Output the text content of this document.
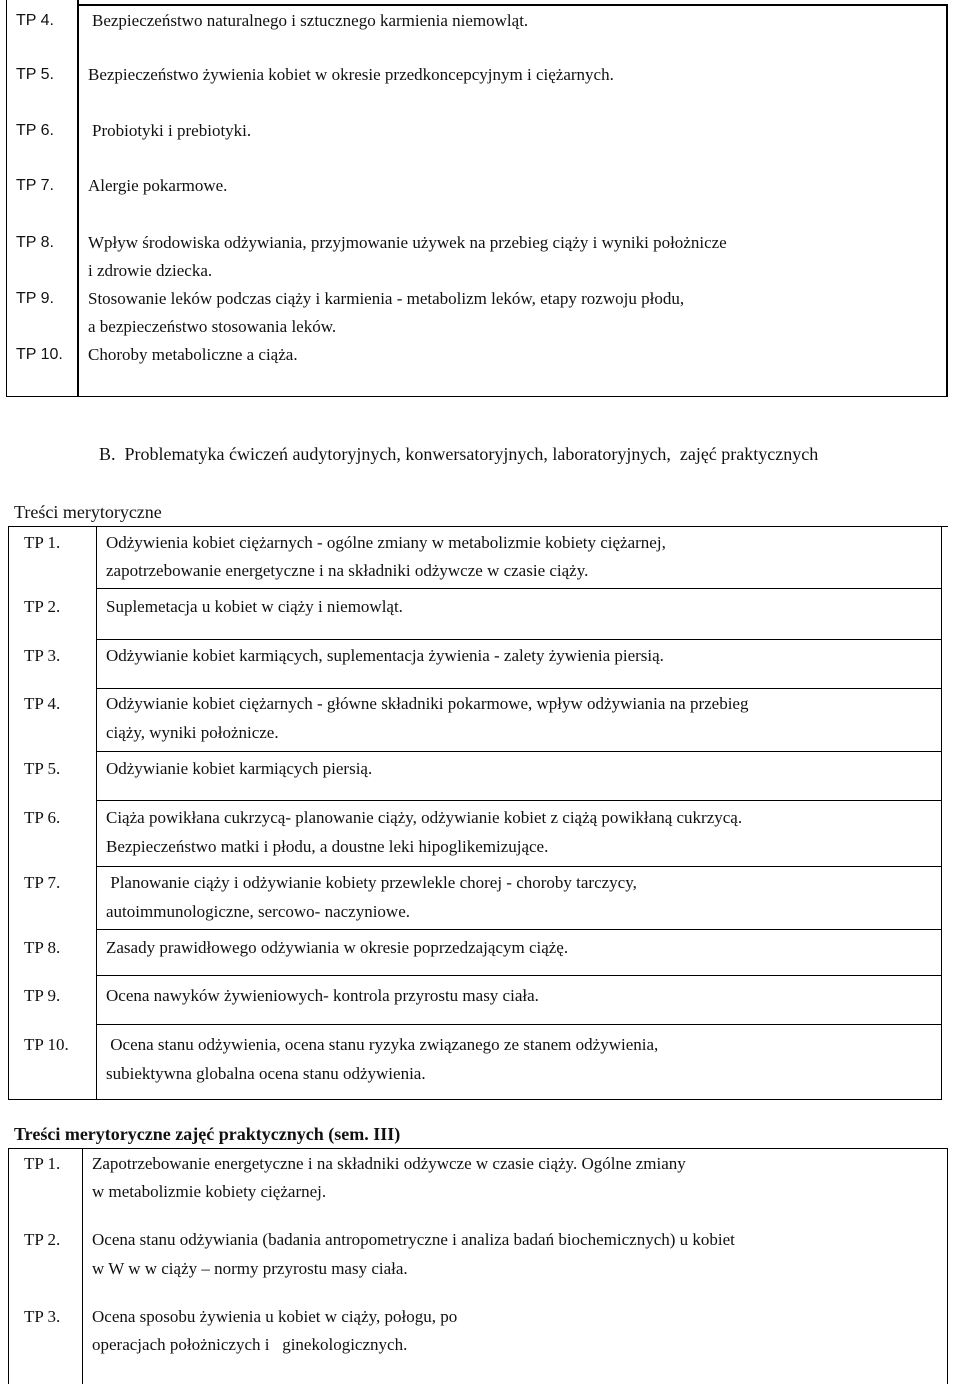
TP 4. Bezpieczeństwo naturalnego i sztucznego karmienia niemowląt.
TP 5. Bezpieczeństwo żywienia kobiet w okresie przedkoncepcyjnym i ciężarnych.
TP 6. Probiotyki i prebiotyki.
TP 7. Alergie pokarmowe.
TP 8. Wpływ środowiska odżywiania, przyjmowanie używek na przebieg ciąży i wyniki położnicze
i zdrowie dziecka.
TP 9. Stosowanie leków podczas ciąży i karmienia - metabolizm leków, etapy rozwoju płodu,
a bezpieczeństwo stosowania leków.
TP 10. Choroby metaboliczne a ciąża.
B.  Problematyka ćwiczeń audytoryjnych, konwersatoryjnych, laboratoryjnych,  zajęć praktycznych
Treści merytoryczne
TP 1.	Odżywienia kobiet ciężarnych - ogólne zmiany w metabolizmie kobiety ciężarnej,
zapotrzebowanie energetyczne i na składniki odżywcze w czasie ciąży.
TP 2.	Suplemetacja u kobiet w ciąży i niemowląt.
TP 3.	Odżywianie kobiet karmiących, suplementacja żywienia - zalety żywienia piersią.
TP 4.	Odżywianie kobiet ciężarnych - główne składniki pokarmowe, wpływ odżywiania na przebieg
ciąży, wyniki położnicze.
TP 5.	Odżywianie kobiet karmiących piersią.
TP 6.	Ciąża powikłana cukrzycą- planowanie ciąży, odżywianie kobiet z ciążą powikłaną cukrzycą.
Bezpieczeństwo matki i płodu, a doustne leki hipoglikemizujące.
TP 7.	Planowanie ciąży i odżywianie kobiety przewlekle chorej - choroby tarczycy,
autoimmunologiczne, sercowo- naczyniowe.
TP 8.	Zasady prawidłowego odżywiania w okresie poprzedzającym ciążę.
TP 9.	Ocena nawyków żywieniowych- kontrola przyrostu masy ciała.
TP 10. Ocena stanu odżywienia, ocena stanu ryzyka związanego ze stanem odżywienia,
subiektywna globalna ocena stanu odżywienia.
Treści merytoryczne zajęć praktycznych (sem. III)
TP 1. Zapotrzebowanie energetyczne i na składniki odżywcze w czasie ciąży. Ogólne zmiany
w metabolizmie kobiety ciężarnej.
TP 2. Ocena stanu odżywiania (badania antropometryczne i analiza badań biochemicznych) u kobiet
w W w w ciąży – normy przyrostu masy ciała.
TP 3. Ocena sposobu żywienia u kobiet w ciąży, połogu, po
operacjach położniczych i   ginekologicznych.
